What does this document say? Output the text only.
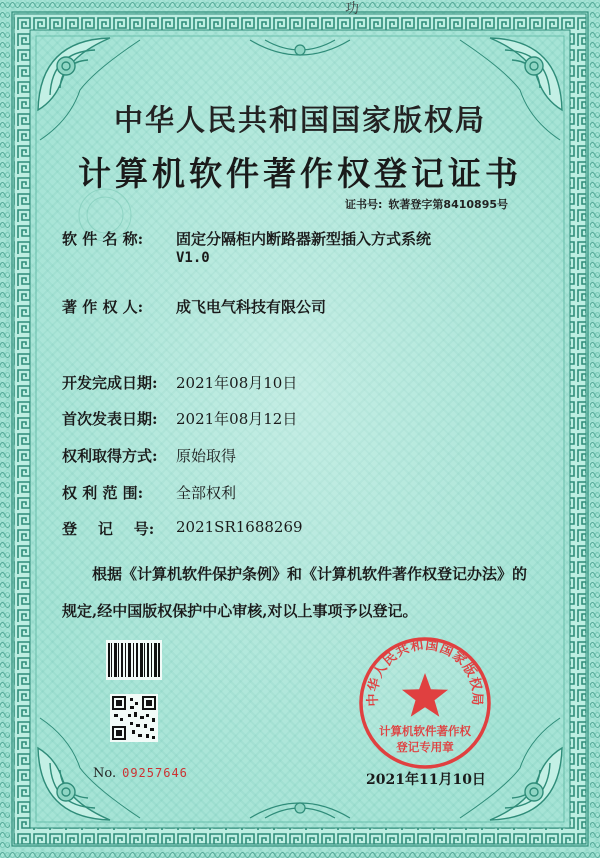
功
中华人民共和国国家版权局
计算机软件著作权登记证书
证书号: 软著登字第8410895号
软 件 名 称:	固定分隔柜内断路器新型插入方式系统
V1.0
著 作 权 人:	成飞电气科技有限公司
开发完成日期:	2021年08月10日
首次发表日期:	2021年08月12日
权利取得方式:	原始取得
权 利 范 围:	全部权利
登    记    号:	2021SR1688269
根据《计算机软件保护条例》和《计算机软件著作权登记办法》的
规定,经中国版权保护中心审核,对以上事项予以登记。
No. 09257646
中华人民共和国国家版权局
计算机软件著作权
登记专用章
2021年11月10日
